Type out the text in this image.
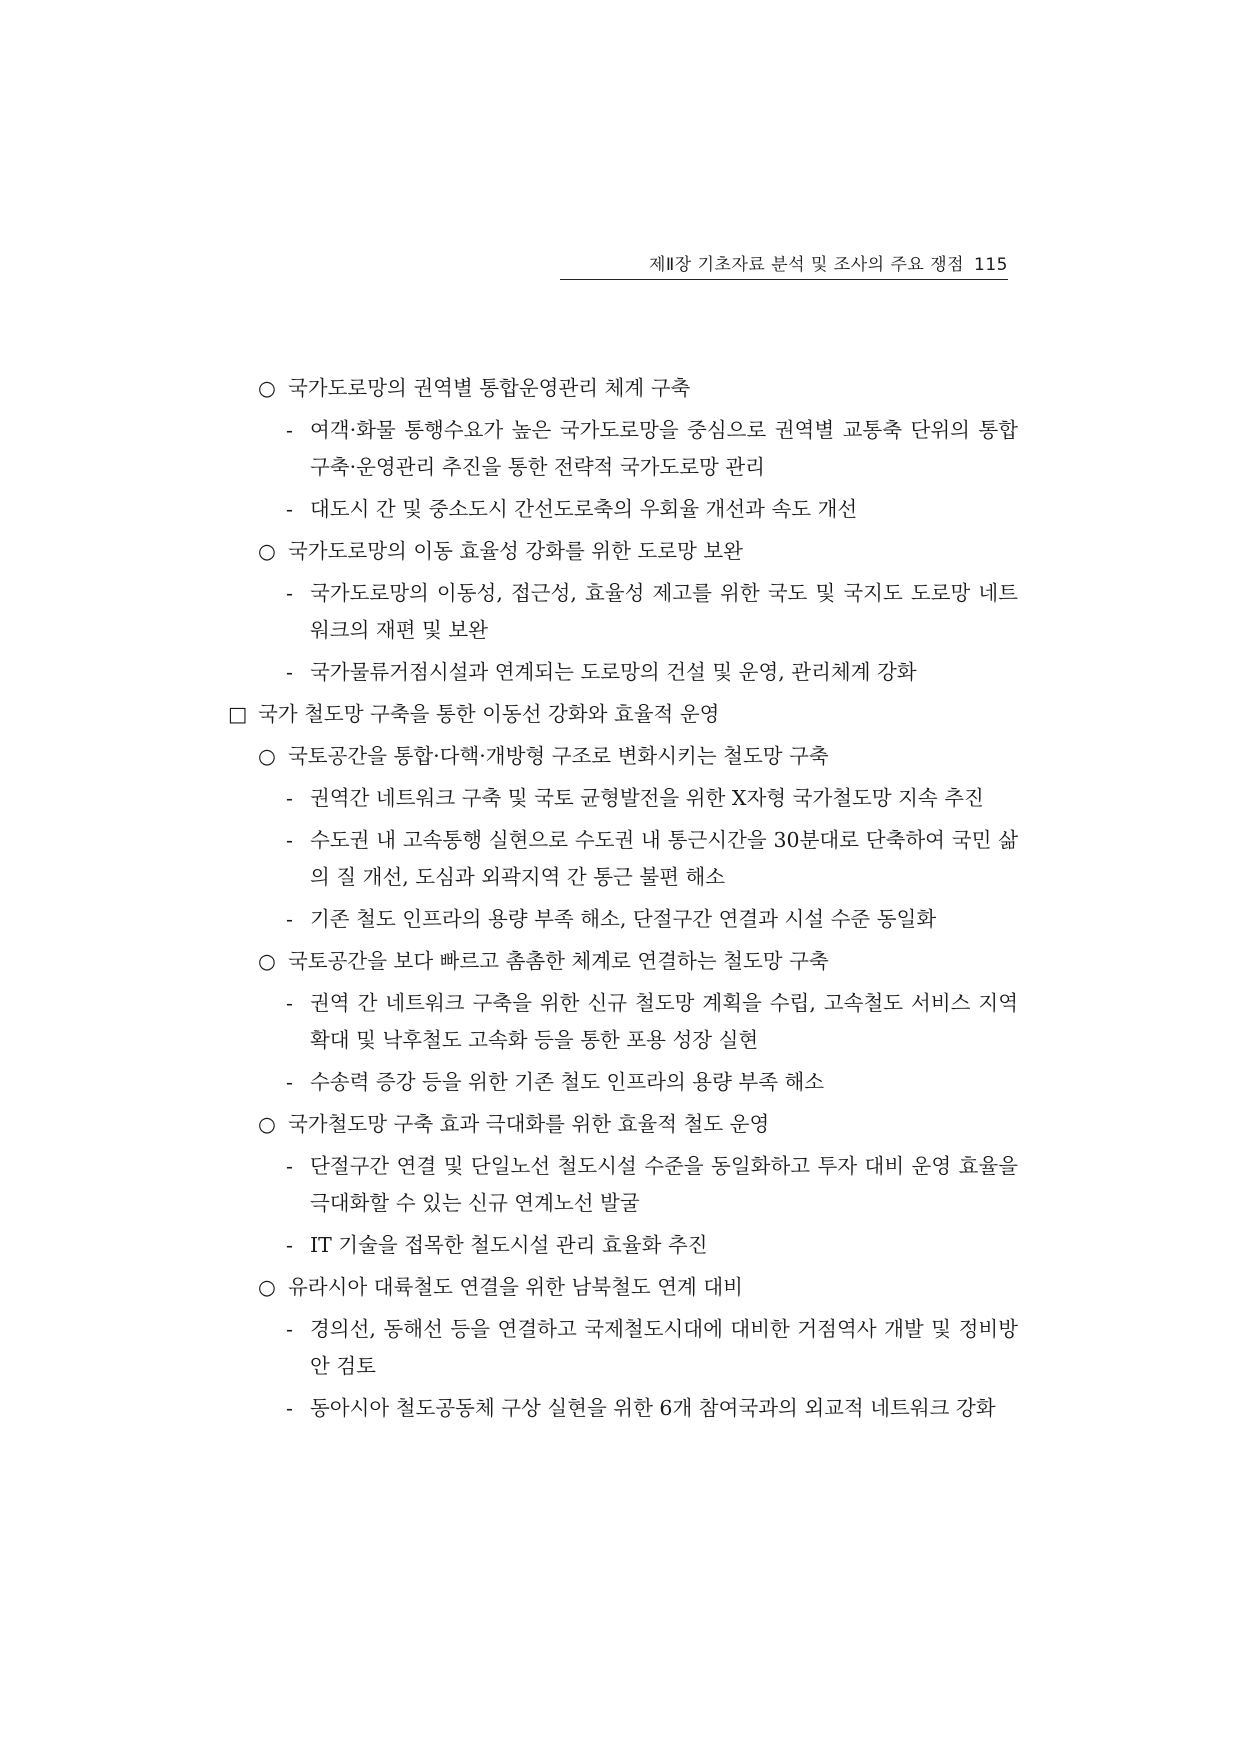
제Ⅱ장 기초자료 분석 및 조사의 주요 쟁점 115
○ 국가도로망의 권역별 통합운영관리 체계 구축
- 여객·화물 통행수요가 높은 국가도로망을 중심으로 권역별 교통축 단위의 통합 구축·운영관리 추진을 통한 전략적 국가도로망 관리
- 대도시 간 및 중소도시 간선도로축의 우회율 개선과 속도 개선
○ 국가도로망의 이동 효율성 강화를 위한 도로망 보완
- 국가도로망의 이동성, 접근성, 효율성 제고를 위한 국도 및 국지도 도로망 네트워크의 재편 및 보완
- 국가물류거점시설과 연계되는 도로망의 건설 및 운영, 관리체계 강화
□ 국가 철도망 구축을 통한 이동선 강화와 효율적 운영
○ 국토공간을 통합·다핵·개방형 구조로 변화시키는 철도망 구축
- 권역간 네트워크 구축 및 국토 균형발전을 위한 X자형 국가철도망 지속 추진
- 수도권 내 고속통행 실현으로 수도권 내 통근시간을 30분대로 단축하여 국민 삶의 질 개선, 도심과 외곽지역 간 통근 불편 해소
- 기존 철도 인프라의 용량 부족 해소, 단절구간 연결과 시설 수준 동일화
○ 국토공간을 보다 빠르고 촘촘한 체계로 연결하는 철도망 구축
- 권역 간 네트워크 구축을 위한 신규 철도망 계획을 수립, 고속철도 서비스 지역 확대 및 낙후철도 고속화 등을 통한 포용 성장 실현
- 수송력 증강 등을 위한 기존 철도 인프라의 용량 부족 해소
○ 국가철도망 구축 효과 극대화를 위한 효율적 철도 운영
- 단절구간 연결 및 단일노선 철도시설 수준을 동일화하고 투자 대비 운영 효율을 극대화할 수 있는 신규 연계노선 발굴
- IT 기술을 접목한 철도시설 관리 효율화 추진
○ 유라시아 대륙철도 연결을 위한 남북철도 연계 대비
- 경의선, 동해선 등을 연결하고 국제철도시대에 대비한 거점역사 개발 및 정비방안 검토
- 동아시아 철도공동체 구상 실현을 위한 6개 참여국과의 외교적 네트워크 강화
